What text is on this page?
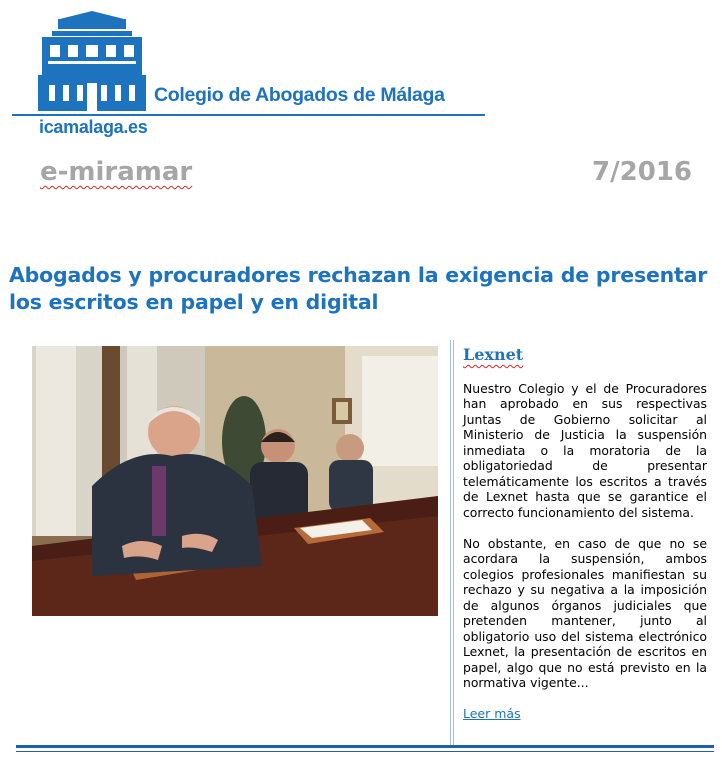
Colegio de Abogados de Málaga
icamalaga.es
e-miramar	7/2016
Abogados y procuradores rechazan la exigencia de presentar los escritos en papel y en digital
Lexnet

Nuestro Colegio y el de Procuradores han aprobado en sus respectivas Juntas de Gobierno solicitar al Ministerio de Justicia la suspensión inmediata o la moratoria de la obligatoriedad de presentar telemáticamente los escritos a través de Lexnet hasta que se garantice el correcto funcionamiento del sistema.

No obstante, en caso de que no se acordara la suspensión, ambos colegios profesionales manifiestan su rechazo y su negativa a la imposición de algunos órganos judiciales que pretenden mantener, junto al obligatorio uso del sistema electrónico Lexnet, la presentación de escritos en papel, algo que no está previsto en la normativa vigente...

Leer más
